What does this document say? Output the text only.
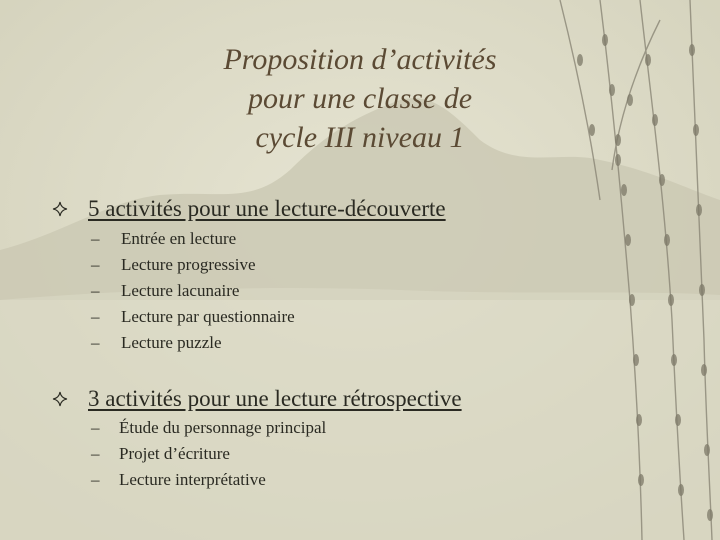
Proposition d’activités
pour une classe de
cycle III niveau 1
5 activités pour une lecture-découverte
–	Entrée en lecture
–	Lecture progressive
–	Lecture lacunaire
–	Lecture par questionnaire
–	Lecture puzzle
3 activités pour une lecture rétrospective
–	Étude du personnage principal
–	Projet d’écriture
–	Lecture interprétative
